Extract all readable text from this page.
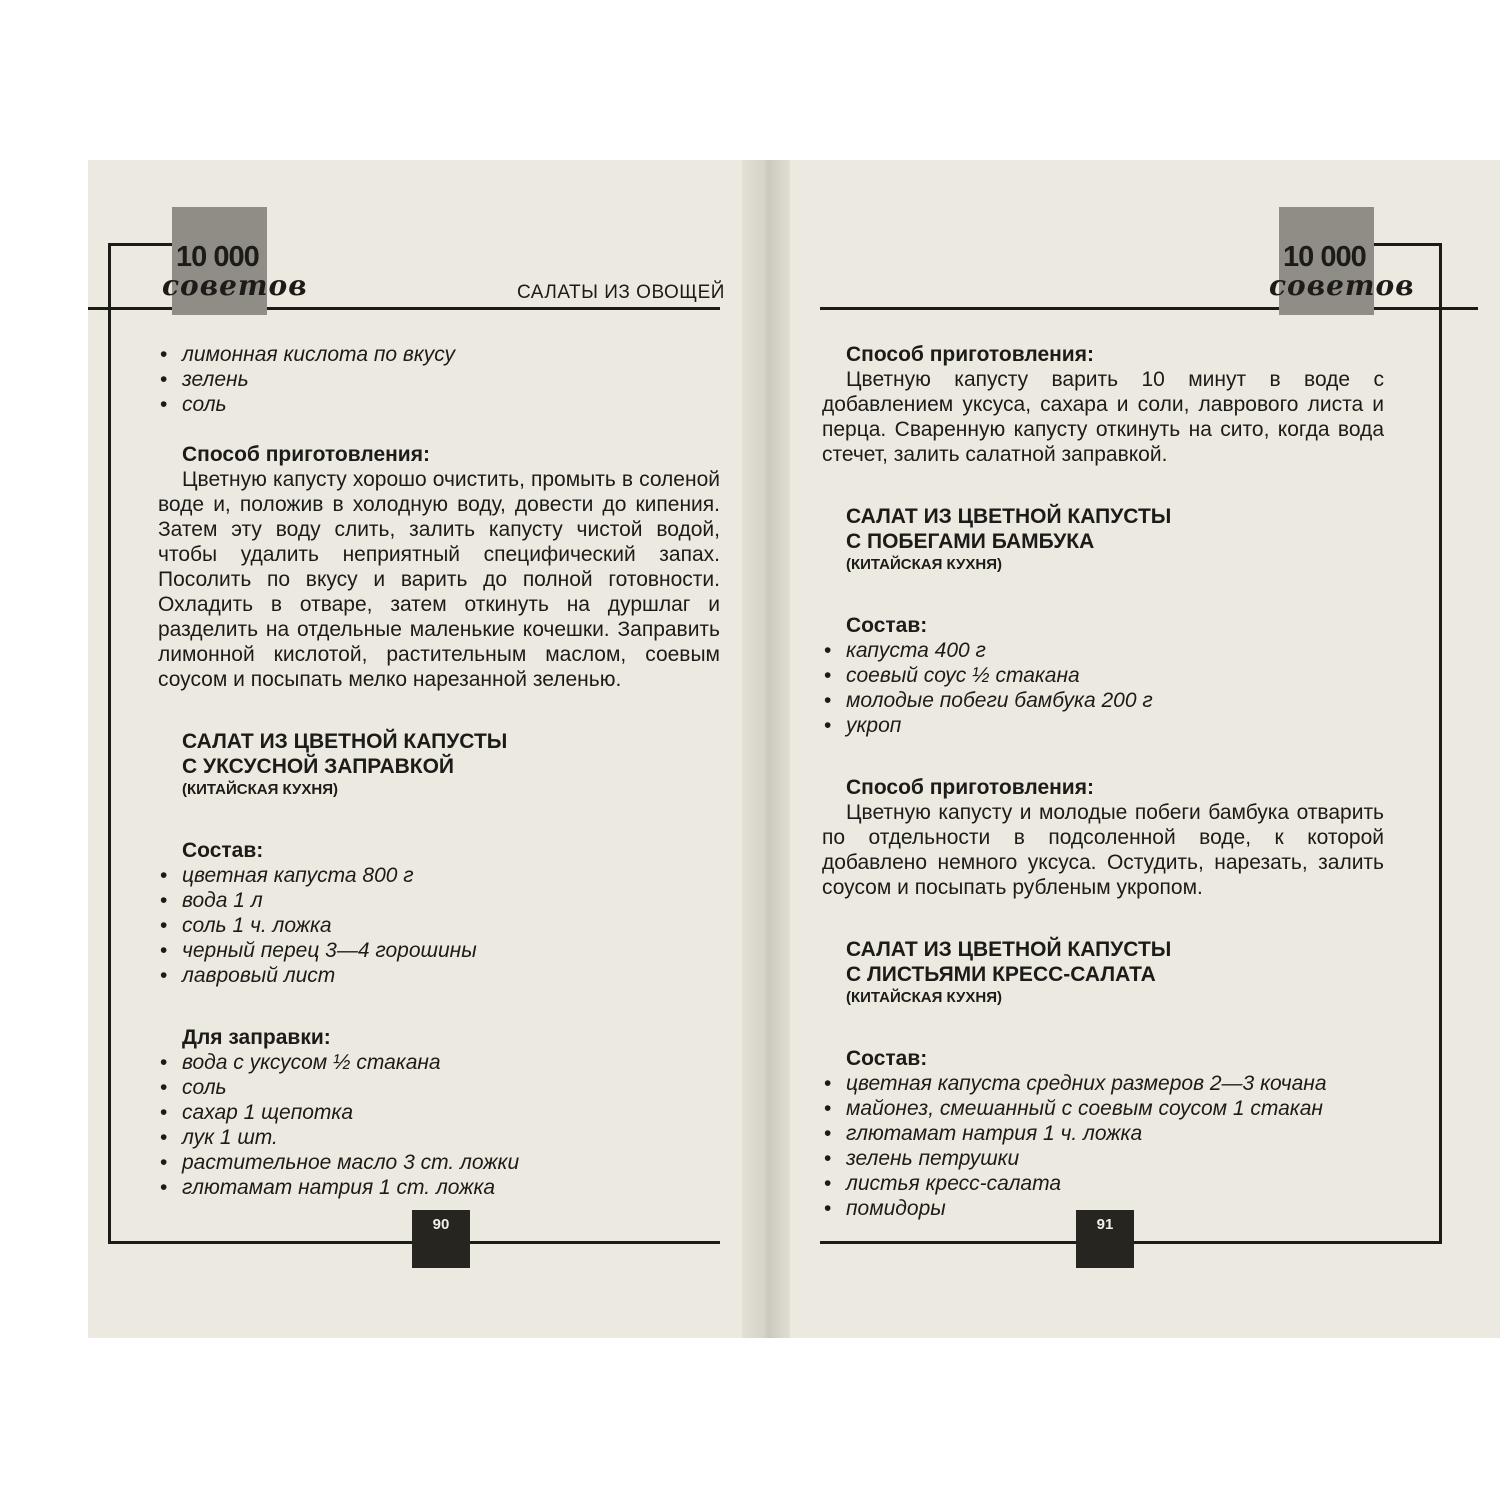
10 000
советов	САЛАТЫ ИЗ ОВОЩЕЙ
• лимонная кислота по вкусу
• зелень
• соль
Способ приготовления:

Цветную капусту хорошо очистить, промыть в соленой воде и, положив в холодную воду, довести до кипения. Затем эту воду слить, залить капусту чистой водой, чтобы удалить неприятный специфический запах. Посолить по вкусу и варить до полной готовности. Охладить в отваре, затем откинуть на дуршлаг и разделить на отдельные маленькие кочешки. Заправить лимонной кислотой, растительным маслом, соевым соусом и посыпать мелко нарезанной зеленью.

САЛАТ ИЗ ЦВЕТНОЙ КАПУСТЫ
С УКСУСНОЙ ЗАПРАВКОЙ
(КИТАЙСКАЯ КУХНЯ)
Состав:
• цветная капуста 800 г
• вода 1 л
• соль 1 ч. ложка
• черный перец 3—4 горошины
• лавровый лист
Для заправки:
• вода с уксусом ½ стакана
• соль
• сахар 1 щепотка
• лук 1 шт.
• растительное масло 3 ст. ложки
• глютамат натрия 1 ст. ложка
90
10 000
советов
Способ приготовления:

Цветную капусту варить 10 минут в воде с добавлением уксуса, сахара и соли, лаврового листа и перца. Сваренную капусту откинуть на сито, когда вода стечет, залить салатной заправкой.

САЛАТ ИЗ ЦВЕТНОЙ КАПУСТЫ
С ПОБЕГАМИ БАМБУКА
(КИТАЙСКАЯ КУХНЯ)
Состав:
• капуста 400 г
• соевый соус ½ стакана
• молодые побеги бамбука 200 г
• укроп
Способ приготовления:

Цветную капусту и молодые побеги бамбука отварить по отдельности в подсоленной воде, к которой добавлено немного уксуса. Остудить, нарезать, залить соусом и посыпать рубленым укропом.

САЛАТ ИЗ ЦВЕТНОЙ КАПУСТЫ
С ЛИСТЬЯМИ КРЕСС-САЛАТА
(КИТАЙСКАЯ КУХНЯ)
Состав:
• цветная капуста средних размеров 2—3 кочана
• майонез, смешанный с соевым соусом 1 стакан
• глютамат натрия 1 ч. ложка
• зелень петрушки
• листья кресс-салата
• помидоры
91
